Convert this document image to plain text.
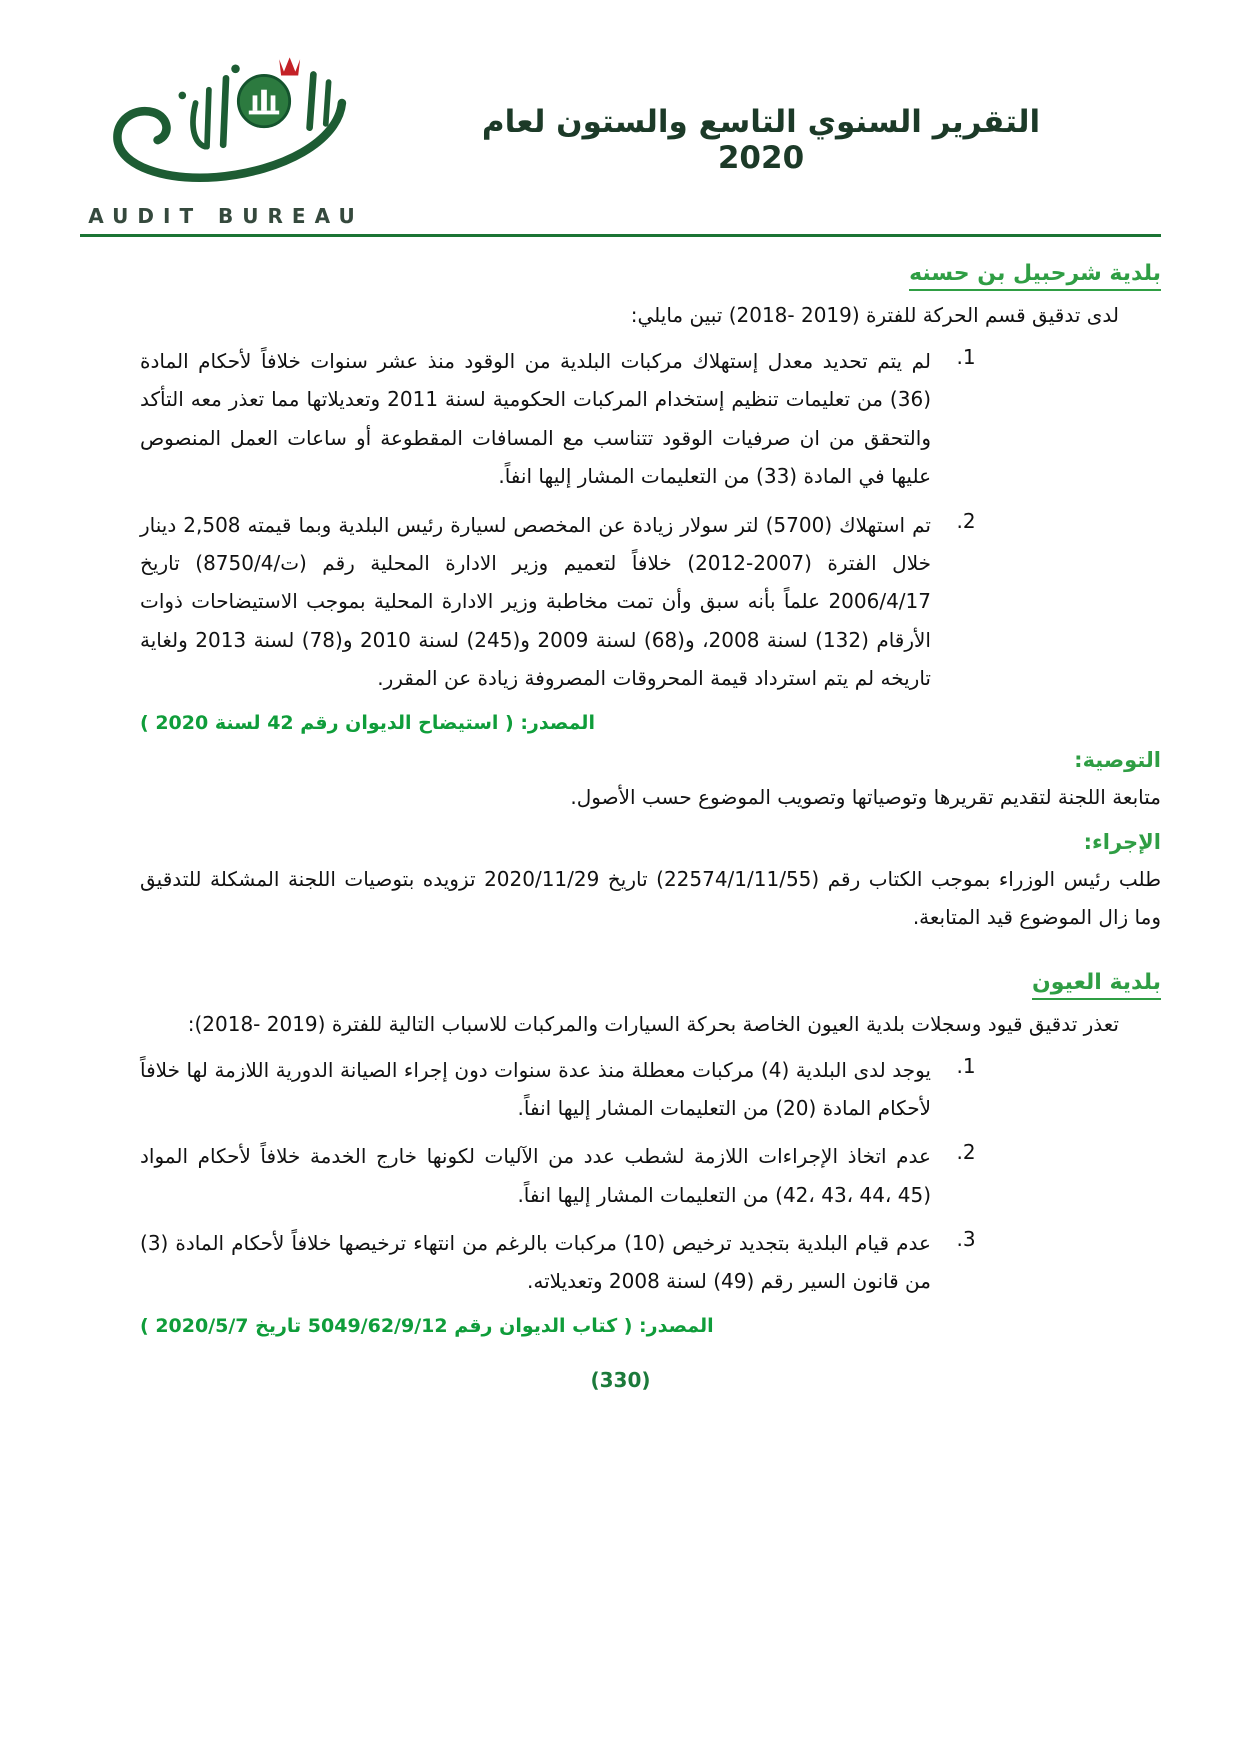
التقرير السنوي التاسع والستون لعام 2020
AUDIT BUREAU
بلدية شرحبيل بن حسنه

لدى تدقيق قسم الحركة للفترة ‪(2018- 2019)‬ تبين مايلي:

1.

لم يتم تحديد معدل إستهلاك مركبات البلدية من الوقود منذ عشر سنوات خلافاً لأحكام المادة (36) من تعليمات تنظيم إستخدام المركبات الحكومية لسنة 2011 وتعديلاتها مما تعذر معه التأكد والتحقق من ان صرفيات الوقود تتناسب مع المسافات المقطوعة أو ساعات العمل المنصوص عليها في المادة (33) من التعليمات المشار إليها انفاً.

2.

تم استهلاك (5700) لتر سولار زيادة عن المخصص لسيارة رئيس البلدية وبما قيمته 2,508 دينار خلال الفترة (2007-2012) خلافاً لتعميم وزير الادارة المحلية رقم (ت/8750/4) تاريخ 2006/4/17 علماً بأنه سبق وأن تمت مخاطبة وزير الادارة المحلية بموجب الاستيضاحات ذوات الأرقام (132) لسنة 2008، و(68) لسنة 2009 و(245) لسنة 2010 و(78) لسنة 2013 ولغاية تاريخه لم يتم استرداد قيمة المحروقات المصروفة زيادة عن المقرر.

المصدر: ( استيضاح الديوان رقم 42 لسنة 2020 )

التوصية:

متابعة اللجنة لتقديم تقريرها وتوصياتها وتصويب الموضوع حسب الأصول.

الإجراء:

طلب رئيس الوزراء بموجب الكتاب رقم (22574/1/11/55) تاريخ 2020/11/29 تزويده بتوصيات اللجنة المشكلة للتدقيق وما زال الموضوع قيد المتابعة.

بلدية العيون

تعذر تدقيق قيود وسجلات بلدية العيون الخاصة بحركة السيارات والمركبات للاسباب التالية للفترة ‪(2018- 2019)‬:

1.

يوجد لدى البلدية (4) مركبات معطلة منذ عدة سنوات دون إجراء الصيانة الدورية اللازمة لها خلافاً لأحكام المادة (20) من التعليمات المشار إليها انفاً.

2.

عدم اتخاذ الإجراءات اللازمة لشطب عدد من الآليات لكونها خارج الخدمة خلافاً لأحكام المواد ‪(42، 43، 44، 45)‬ من التعليمات المشار إليها انفاً.

3.

عدم قيام البلدية بتجديد ترخيص (10) مركبات بالرغم من انتهاء ترخيصها خلافاً لأحكام المادة (3) من قانون السير رقم (49) لسنة 2008 وتعديلاته.

المصدر: ( كتاب الديوان رقم 5049/62/9/12 تاريخ 2020/5/7 )

(330)
